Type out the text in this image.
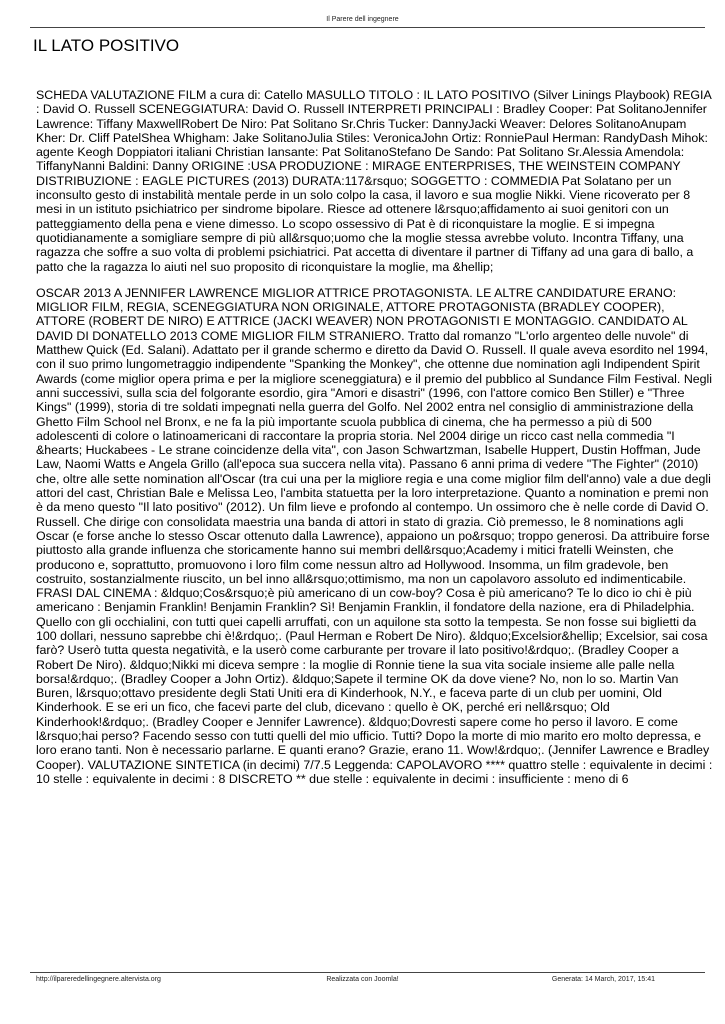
Il Parere dell ingegnere
IL LATO POSITIVO

SCHEDA VALUTAZIONE FILM a cura di: Catello MASULLO TITOLO : IL LATO POSITIVO (Silver Linings Playbook) REGIA : David O. Russell SCENEGGIATURA: David O. Russell INTERPRETI PRINCIPALI : Bradley Cooper: Pat SolitanoJennifer Lawrence: Tiffany MaxwellRobert De Niro: Pat Solitano Sr.Chris Tucker: DannyJacki Weaver: Delores SolitanoAnupam Kher: Dr. Cliff PatelShea Whigham: Jake SolitanoJulia Stiles: VeronicaJohn Ortiz: RonniePaul Herman: RandyDash Mihok: agente Keogh Doppiatori italiani Christian Iansante: Pat SolitanoStefano De Sando: Pat Solitano Sr.Alessia Amendola: TiffanyNanni Baldini: Danny ORIGINE :USA PRODUZIONE : MIRAGE ENTERPRISES, THE WEINSTEIN COMPANY DISTRIBUZIONE : EAGLE PICTURES (2013) DURATA:117&rsquo; SOGGETTO : COMMEDIA Pat Solatano per un inconsulto gesto di instabilità mentale perde in un solo colpo la casa, il lavoro e sua moglie Nikki. Viene ricoverato per 8 mesi in un istituto psichiatrico per sindrome bipolare. Riesce ad ottenere l&rsquo;affidamento ai suoi genitori con un patteggiamento della pena e viene dimesso. Lo scopo ossessivo di Pat è di riconquistare la moglie. E si impegna quotidianamente a somigliare sempre di più all&rsquo;uomo che la moglie stessa avrebbe voluto. Incontra Tiffany, una ragazza che soffre a suo volta di problemi psichiatrici. Pat accetta di diventare il partner di Tiffany ad una gara di ballo, a patto che la ragazza lo aiuti nel suo proposito di riconquistare la moglie, ma &hellip;

OSCAR 2013 A JENNIFER LAWRENCE MIGLIOR ATTRICE PROTAGONISTA. LE ALTRE CANDIDATURE ERANO: MIGLIOR FILM, REGIA, SCENEGGIATURA NON ORIGINALE, ATTORE PROTAGONISTA (BRADLEY COOPER), ATTORE (ROBERT DE NIRO) E ATTRICE (JACKI WEAVER) NON PROTAGONISTI E MONTAGGIO. CANDIDATO AL DAVID DI DONATELLO 2013 COME MIGLIOR FILM STRANIERO. Tratto dal romanzo "L'orlo argenteo delle nuvole" di Matthew Quick (Ed. Salani). Adattato per il grande schermo e diretto da David O. Russell. Il quale aveva esordito nel 1994, con il suo primo lungometraggio indipendente "Spanking the Monkey", che ottenne due nomination agli Indipendent Spirit Awards (come miglior opera prima e per la migliore sceneggiatura) e il premio del pubblico al Sundance Film Festival. Negli anni successivi, sulla scia del folgorante esordio, gira "Amori e disastri" (1996, con l'attore comico Ben Stiller) e "Three Kings" (1999), storia di tre soldati impegnati nella guerra del Golfo. Nel 2002 entra nel consiglio di amministrazione della Ghetto Film School nel Bronx, e ne fa la più importante scuola pubblica di cinema, che ha permesso a più di 500 adolescenti di colore o latinoamericani di raccontare la propria storia. Nel 2004 dirige un ricco cast nella commedia "I &hearts; Huckabees - Le strane coincidenze della vita", con Jason Schwartzman, Isabelle Huppert, Dustin Hoffman, Jude Law, Naomi Watts e Angela Grillo (all'epoca sua succera nella vita). Passano 6 anni prima di vedere "The Fighter" (2010) che, oltre alle sette nomination all'Oscar (tra cui una per la migliore regia e una come miglior film dell'anno) vale a due degli attori del cast, Christian Bale e Melissa Leo, l'ambita statuetta per la loro interpretazione. Quanto a nomination e premi non è da meno questo "Il lato positivo" (2012). Un film lieve e profondo al contempo. Un ossimoro che è nelle corde di David O. Russell. Che dirige con consolidata maestria una banda di attori in stato di grazia. Ciò premesso, le 8 nominations agli Oscar (e forse anche lo stesso Oscar ottenuto dalla Lawrence), appaiono un po&rsquo; troppo generosi. Da attribuire forse piuttosto alla grande influenza che storicamente hanno sui membri dell&rsquo;Academy i mitici fratelli Weinsten, che producono e, soprattutto, promuovono i loro film come nessun altro ad Hollywood. Insomma, un film gradevole, ben costruito, sostanzialmente riuscito, un bel inno all&rsquo;ottimismo, ma non un capolavoro assoluto ed indimenticabile. FRASI DAL CINEMA : &ldquo;Cos&rsquo;è più americano di un cow-boy? Cosa è più americano? Te lo dico io chi è più americano : Benjamin Franklin! Benjamin Franklin? Sì! Benjamin Franklin, il fondatore della nazione, era di Philadelphia. Quello con gli occhialini, con tutti quei capelli arruffati, con un aquilone sta sotto la tempesta. Se non fosse sui biglietti da 100 dollari, nessuno saprebbe chi è!&rdquo;. (Paul Herman e Robert De Niro). &ldquo;Excelsior&hellip; Excelsior, sai cosa farò? Userò tutta questa negatività, e la userò come carburante per trovare il lato positivo!&rdquo;. (Bradley Cooper a Robert De Niro). &ldquo;Nikki mi diceva sempre : la moglie di Ronnie tiene la sua vita sociale insieme alle palle nella borsa!&rdquo;. (Bradley Cooper a John Ortiz). &ldquo;Sapete il termine OK da dove viene? No, non lo so. Martin Van Buren, l&rsquo;ottavo presidente degli Stati Uniti era di Kinderhook, N.Y., e faceva parte di un club per uomini, Old Kinderhook. E se eri un fico, che facevi parte del club, dicevano : quello è OK, perché eri nell&rsquo; Old Kinderhook!&rdquo;. (Bradley Cooper e Jennifer Lawrence). &ldquo;Dovresti sapere come ho perso il lavoro. E come l&rsquo;hai perso? Facendo sesso con tutti quelli del mio ufficio. Tutti? Dopo la morte di mio marito ero molto depressa, e loro erano tanti. Non è necessario parlarne. E quanti erano? Grazie, erano 11. Wow!&rdquo;. (Jennifer Lawrence e Bradley Cooper). VALUTAZIONE SINTETICA (in decimi) 7/7.5 Leggenda: CAPOLAVORO **** quattro stelle : equivalente in decimi : 10 stelle : equivalente in decimi : 8 DISCRETO ** due stelle : equivalente in decimi : insufficiente : meno di 6

http://ilpareredellingegnere.altervista.org	Realizzata con Joomla!	Generata: 14 March, 2017, 15:41
